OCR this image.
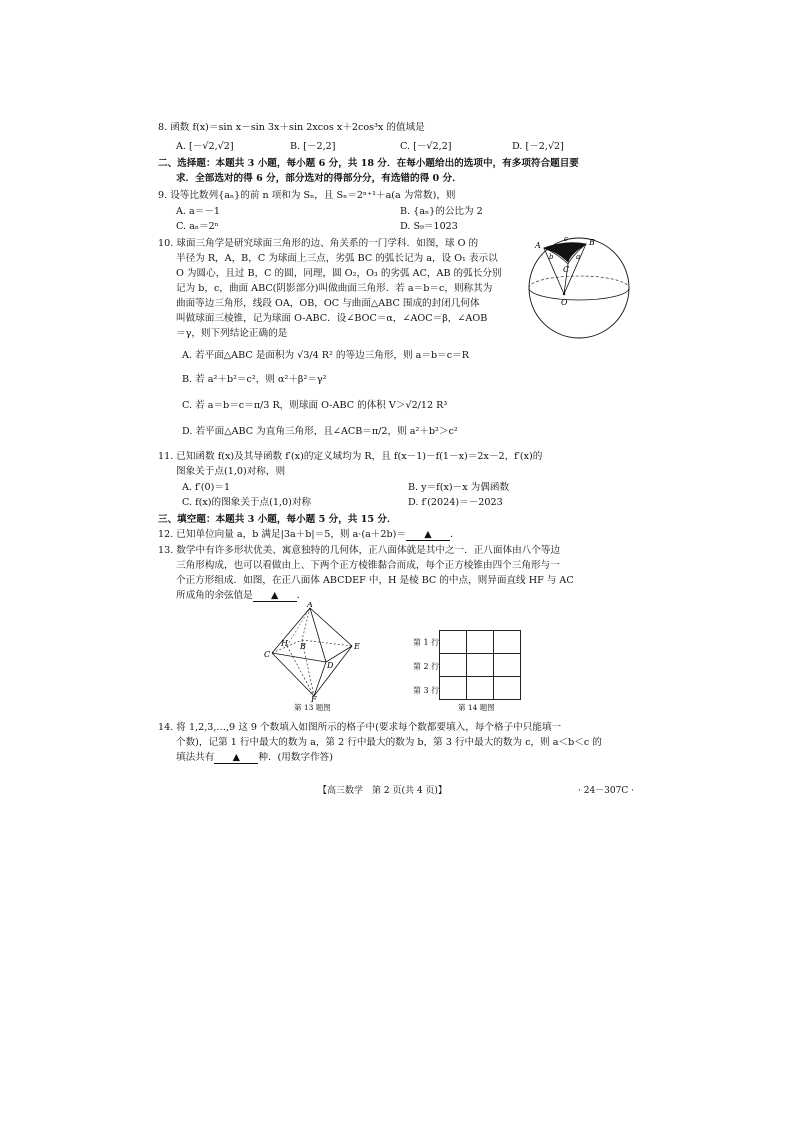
8. 函数 f(x)＝sin x－sin 3x＋sin 2xcos x＋2cos³x 的值域是
A. [－√2,√2]	B. [－2,2]	C. [－√2,2]	D. [－2,√2]
二、选择题：本题共 3 小题，每小题 6 分，共 18 分．在每小题给出的选项中，有多项符合题目要
求．全部选对的得 6 分，部分选对的得部分分，有选错的得 0 分．
9. 设等比数列{aₙ}的前 n 项和为 Sₙ，且 Sₙ＝2ⁿ⁺¹＋a(a 为常数)，则
A. a＝－1	B. {aₙ}的公比为 2
C. aₙ＝2ⁿ	D. S₉＝1023
10. 球面三角学是研究球面三角形的边、角关系的一门学科．如图，球 O 的
半径为 R，A，B，C 为球面上三点，劣弧 BC 的弧长记为 a，设 O₁ 表示以
O 为圆心，且过 B，C 的圆，同理，圆 O₂，O₃ 的劣弧 AC，AB 的弧长分别
记为 b，c，曲面 ABC(阴影部分)叫做曲面三角形．若 a＝b＝c，则称其为
曲面等边三角形，线段 OA，OB，OC 与曲面△ABC 围成的封闭几何体
叫做球面三棱锥，记为球面 O-ABC．设∠BOC＝α，∠AOC＝β，∠AOB
＝γ，则下列结论正确的是
A. 若平面△ABC 是面积为 √3/4 R² 的等边三角形，则 a＝b＝c＝R
B. 若 a²＋b²＝c²，则 α²＋β²＝γ²
C. 若 a＝b＝c＝π/3 R，则球面 O-ABC 的体积 V＞√2/12 R³
D. 若平面△ABC 为直角三角形，且∠ACB＝π/2，则 a²＋b²＞c²
A	B
C
O
a
b
c
11. 已知函数 f(x)及其导函数 f′(x)的定义域均为 R，且 f(x－1)－f(1－x)＝2x－2，f′(x)的
图象关于点(1,0)对称，则
A. f′(0)＝1	B. y＝f(x)－x 为偶函数
C. f(x)的图象关于点(1,0)对称	D. f′(2024)＝－2023
三、填空题：本题共 3 小题，每小题 5 分，共 15 分．
12. 已知单位向量 a，b 满足|3a＋b|＝5，则 a·(a＋2b)＝ ▲ ．
13. 数学中有许多形状优美、寓意独特的几何体，正八面体就是其中之一．正八面体由八个等边
三角形构成，也可以看做由上、下两个正方棱锥黏合而成，每个正方棱锥由四个三角形与一
个正方形组成．如图，在正八面体 ABCDEF 中，H 是棱 BC 的中点，则异面直线 HF 与 AC
所成角的余弦值是 ▲ ．
A
B
C
D
E
F
H
第 13 题图
第 1 行
第 2 行
第 3 行

第 14 题图
14. 将 1,2,3,…,9 这 9 个数填入如图所示的格子中(要求每个数都要填入，每个格子中只能填一
个数)，记第 1 行中最大的数为 a，第 2 行中最大的数为 b，第 3 行中最大的数为 c，则 a＜b＜c 的
填法共有 ▲ 种．(用数字作答)
【高三数学　第 2 页(共 4 页)】	· 24－307C ·
